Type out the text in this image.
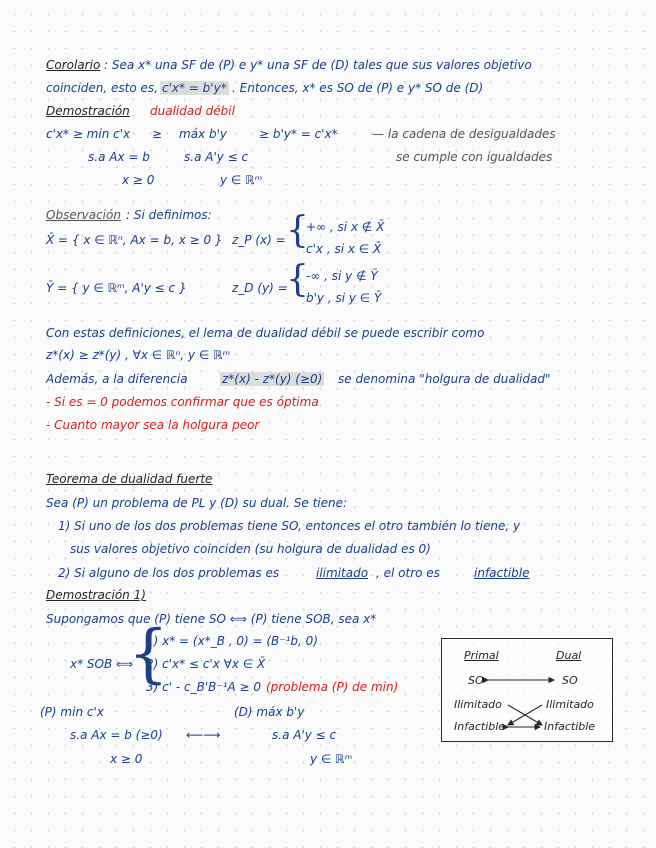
Corolario : Sea x* una SF de (P) e y* una SF de (D) tales que sus valores objetivo
coinciden, esto es, c'x* = b'y* . Entonces, x* es SO de (P) e y* SO de (D)
Demostración dualidad débil
c'x* ≥ min c'x ≥ máx b'y	≥ b'y* = c'x*	— la cadena de desigualdades
s.a Ax = b	s.a A'y ≤ c	se cumple con igualdades
x ≥ 0	y ∈ ℝᵐ
Observación : Si definimos:
X̄ = { x ∈ ℝⁿ, Ax = b, x ≥ 0 } z_P (x) = {
+∞ , si x ∉ X̄
c'x , si x ∈ X̄
Ȳ = { y ∈ ℝᵐ, A'y ≤ c }	z_D (y) =
{
-∞ , si y ∉ Ȳ
b'y , si y ∈ Ȳ
Con estas definiciones, el lema de dualidad débil se puede escribir como
z*(x) ≥ z*(y) , ∀x ∈ ℝⁿ, y ∈ ℝᵐ
Además, a la diferencia	z*(x) - z*(y) (≥0) se denomina "holgura de dualidad"
- Si es = 0 podemos confirmar que es óptima
- Cuanto mayor sea la holgura peor
Teorema de dualidad fuerte
Sea (P) un problema de PL y (D) su dual. Se tiene:
1) Si uno de los dos problemas tiene SO, entonces el otro también lo tiene, y
sus valores objetivo coinciden (su holgura de dualidad es 0)
2) Si alguno de los dos problemas es	ilimitado , el otro es	infactible
Demostración 1)
Supongamos que (P) tiene SO ⟺ (P) tiene SOB, sea x*
x* SOB ⟺
{
1) x* = (x*_B , 0) = (B⁻¹b, 0)
2) c'x* ≤ c'x ∀x ∈ X̄
3) c' - c_B'B⁻¹A ≥ 0 (problema (P) de min)
(P) min c'x
s.a Ax = b (≥0) ⟵⟶
x ≥ 0
(D) máx b'y
s.a A'y ≤ c
y ∈ ℝᵐ
Primal	Dual
SO	SO
Ilimitado	Ilimitado
Infactible	Infactible
